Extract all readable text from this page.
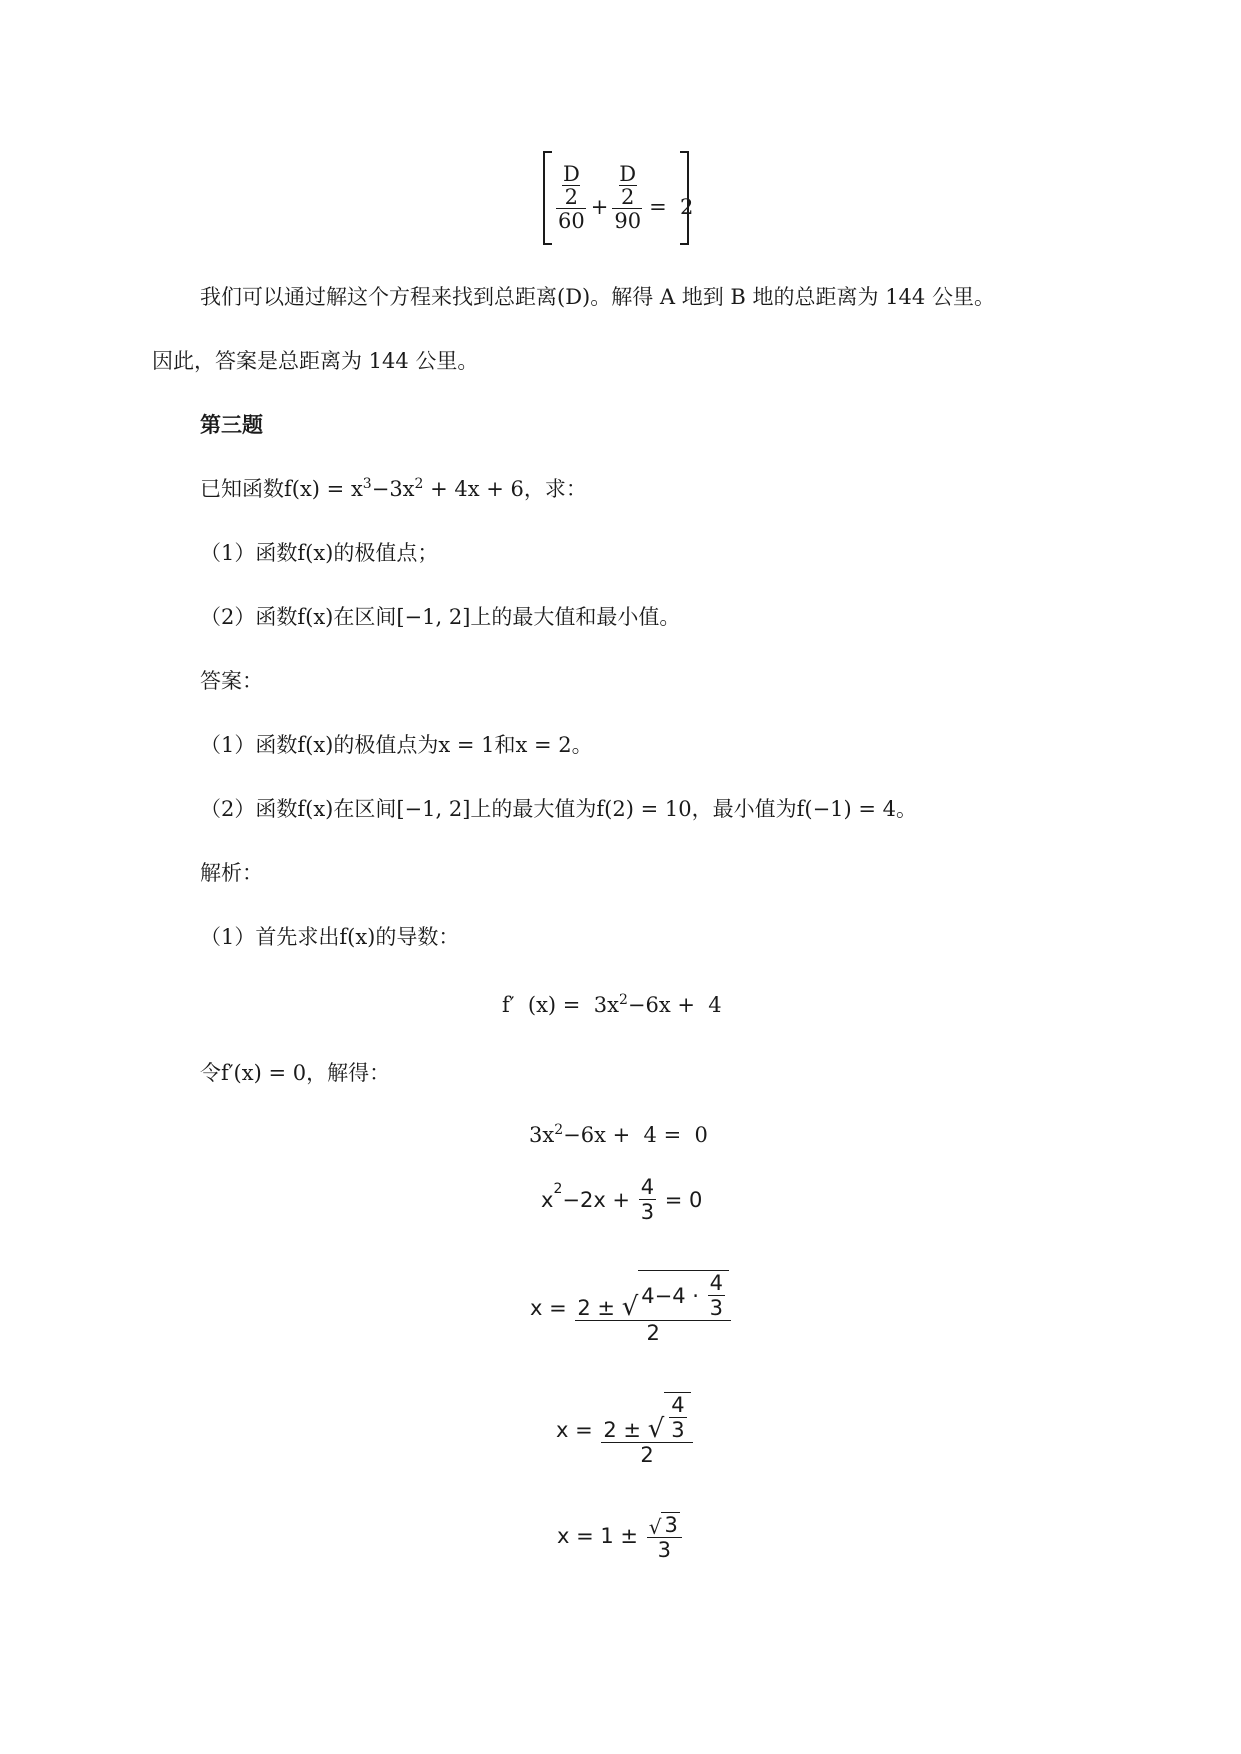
D
2
60 + D
2
90 =  2
我们可以通过解这个方程来找到总距离(D)。解得 A 地到 B 地的总距离为 144 公里。
因此，答案是总距离为 144 公里。
第三题
已知函数$f(x) = x^3-3x^2 + 4x + 6$，求：
（1）函数f(x)的极值点；
（2）函数f(x)在区间[−1, 2]上的最大值和最小值。
答案：
（1）函数f(x)的极值点为x = 1和x = 2。
（2）函数f(x)在区间[−1, 2]上的最大值为f(2) = 10，最小值为f(−1) = 4。
解析：
（1）首先求出f(x)的导数：
f′  $(x) = 3x^2-6x + 4$
令f′(x) = 0，解得：
$3x^2-6x + 4 = 0$
x $2 -2x + \frac{4}{3} = 0$
x = 2 ± √ $4-4 \cdot \frac{4}{3}$
2
x = 2 ± √ $\frac{4}{3}$
2
$x = 1 \pm \frac{√ 3}{3}$
